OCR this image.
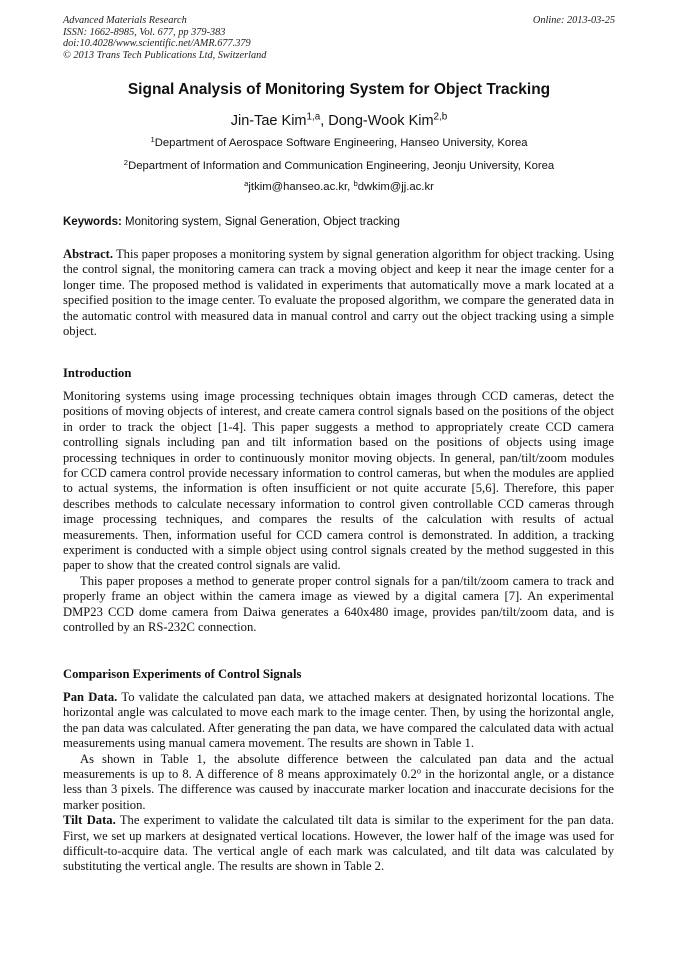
Advanced Materials Research
ISSN: 1662-8985, Vol. 677, pp 379-383
doi:10.4028/www.scientific.net/AMR.677.379
© 2013 Trans Tech Publications Ltd, Switzerland
Online: 2013-03-25
Signal Analysis of Monitoring System for Object Tracking
Jin-Tae Kim$^{1,a}$, Dong-Wook Kim$^{2,b}$
$^1$Department of Aerospace Software Engineering, Hanseo University, Korea
$^2$Department of Information and Communication Engineering, Jeonju University, Korea
$^a$jtkim@hanseo.ac.kr, $^b$dwkim@jj.ac.kr
Keywords: Monitoring system, Signal Generation, Object tracking

Abstract. This paper proposes a monitoring system by signal generation algorithm for object tracking. Using the control signal, the monitoring camera can track a moving object and keep it near the image center for a longer time. The proposed method is validated in experiments that automatically move a mark located at a specified position to the image center. To evaluate the proposed algorithm, we compare the generated data in the automatic control with measured data in manual control and carry out the object tracking using a simple object.

Introduction

Monitoring systems using image processing techniques obtain images through CCD cameras, detect the positions of moving objects of interest, and create camera control signals based on the positions of the object in order to track the object [1-4]. This paper suggests a method to appropriately create CCD camera controlling signals including pan and tilt information based on the positions of objects using image processing techniques in order to continuously monitor moving objects. In general, pan/tilt/zoom modules for CCD camera control provide necessary information to control cameras, but when the modules are applied to actual systems, the information is often insufficient or not quite accurate [5,6]. Therefore, this paper describes methods to calculate necessary information to control given controllable CCD cameras through image processing techniques, and compares the results of the calculation with results of actual measurements. Then, information useful for CCD camera control is demonstrated. In addition, a tracking experiment is conducted with a simple object using control signals created by the method suggested in this paper to show that the created control signals are valid.

This paper proposes a method to generate proper control signals for a pan/tilt/zoom camera to track and properly frame an object within the camera image as viewed by a digital camera [7]. An experimental DMP23 CCD dome camera from Daiwa generates a 640x480 image, provides pan/tilt/zoom data, and is controlled by an RS-232C connection.

Comparison Experiments of Control Signals

Pan Data. To validate the calculated pan data, we attached makers at designated horizontal locations. The horizontal angle was calculated to move each mark to the image center. Then, by using the horizontal angle, the pan data was calculated. After generating the pan data, we have compared the calculated data with actual measurements using manual camera movement. The results are shown in Table 1.

As shown in Table 1, the absolute difference between the calculated pan data and the actual measurements is up to 8. A difference of 8 means approximately 0.2$^o$ in the horizontal angle, or a distance less than 3 pixels. The difference was caused by inaccurate marker location and inaccurate decisions for the marker position.

Tilt Data. The experiment to validate the calculated tilt data is similar to the experiment for the pan data. First, we set up markers at designated vertical locations. However, the lower half of the image was used for difficult-to-acquire data. The vertical angle of each mark was calculated, and tilt data was calculated by substituting the vertical angle. The results are shown in Table 2.
